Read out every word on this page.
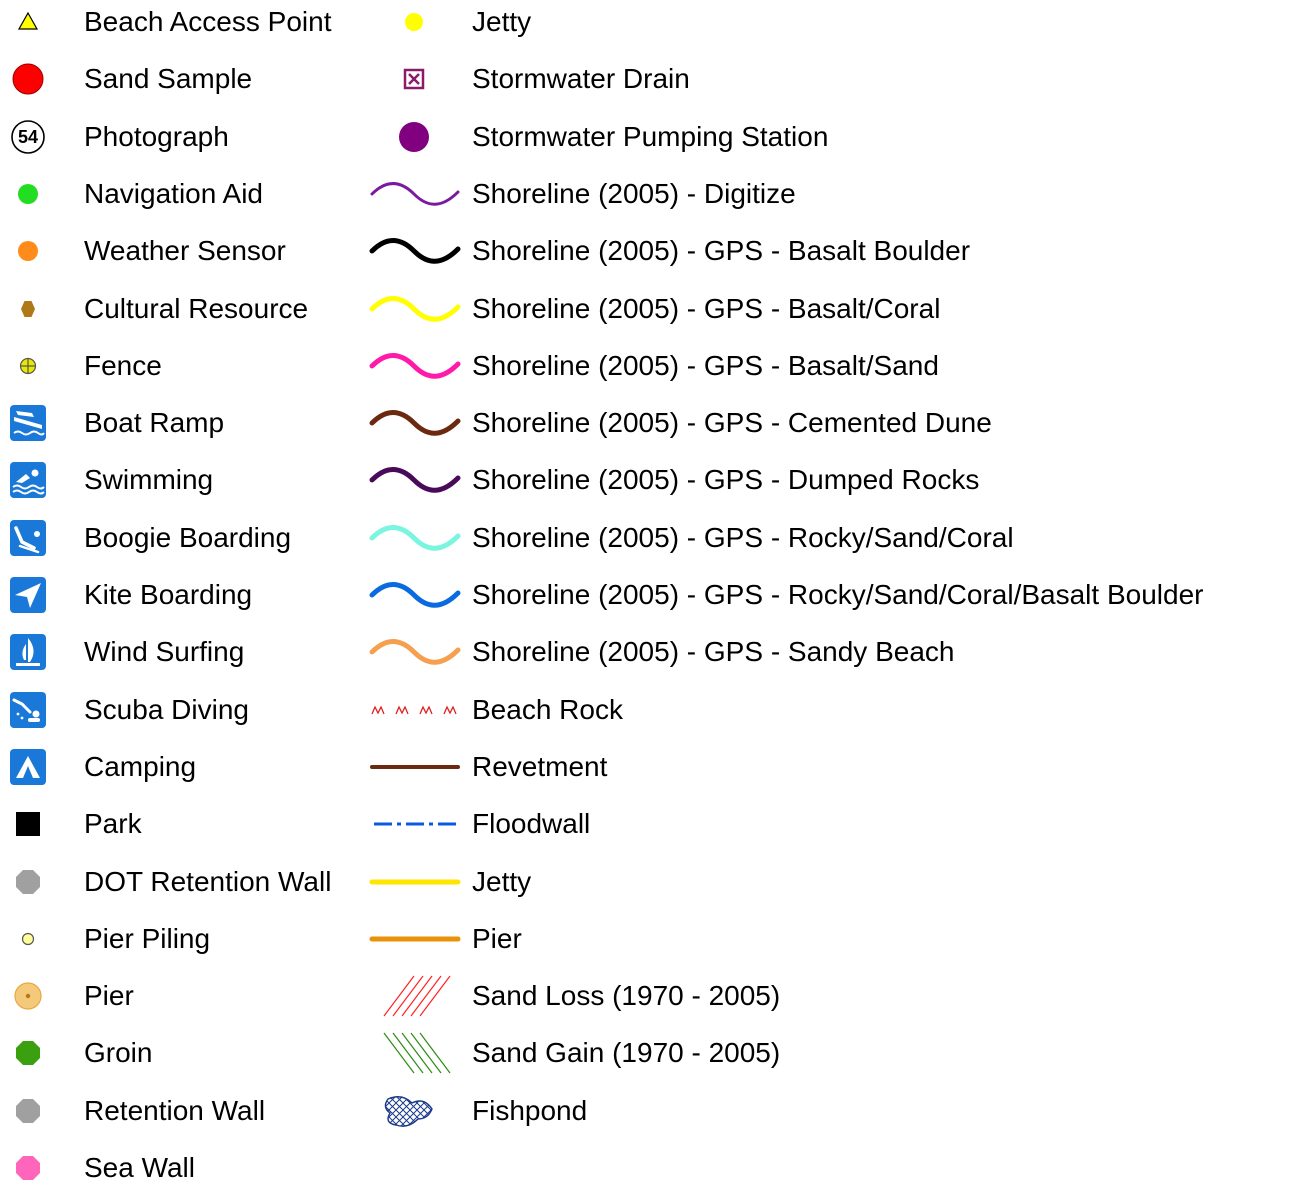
Beach Access Point
Sand Sample
54 Photograph
Navigation Aid
Weather Sensor
Cultural Resource
Fence
Boat Ramp
Swimming
Boogie Boarding
Kite Boarding
Wind Surfing
Scuba Diving
Camping
Park
DOT Retention Wall
Pier Piling
Pier
Groin
Retention Wall
Sea Wall
Jetty
Stormwater Drain
Stormwater Pumping Station
Shoreline (2005) - Digitize
Shoreline (2005) - GPS - Basalt Boulder
Shoreline (2005) - GPS - Basalt/Coral
Shoreline (2005) - GPS - Basalt/Sand
Shoreline (2005) - GPS - Cemented Dune
Shoreline (2005) - GPS - Dumped Rocks
Shoreline (2005) - GPS - Rocky/Sand/Coral
Shoreline (2005) - GPS - Rocky/Sand/Coral/Basalt Boulder
Shoreline (2005) - GPS - Sandy Beach
Beach Rock
Revetment
Floodwall
Jetty
Pier
Sand Loss (1970 - 2005)
Sand Gain (1970 - 2005)
Fishpond
